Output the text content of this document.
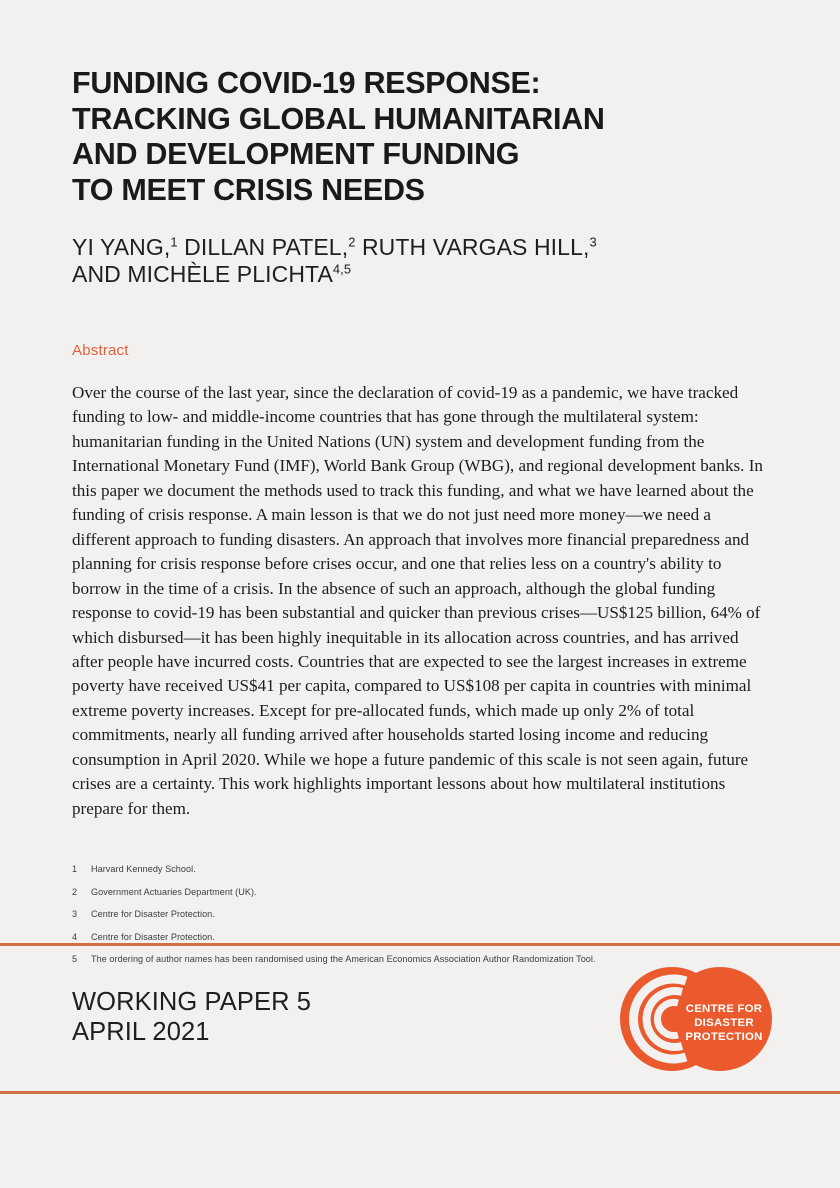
FUNDING COVID-19 RESPONSE:
TRACKING GLOBAL HUMANITARIAN
AND DEVELOPMENT FUNDING
TO MEET CRISIS NEEDS

YI YANG,$^1$ DILLAN PATEL,$^2$ RUTH VARGAS HILL,$^3$
AND MICHÈLE PLICHTA$^{4,5}$

Abstract

Over the course of the last year, since the declaration of covid-19 as a pandemic, we have tracked funding to low- and middle-income countries that has gone through the multilateral system: humanitarian funding in the United Nations (UN) system and development funding from the International Monetary Fund (IMF), World Bank Group (WBG), and regional development banks. In this paper we document the methods used to track this funding, and what we have learned about the funding of crisis response. A main lesson is that we do not just need more money—we need a different approach to funding disasters. An approach that involves more financial preparedness and planning for crisis response before crises occur, and one that relies less on a country's ability to borrow in the time of a crisis. In the absence of such an approach, although the global funding response to covid-19 has been substantial and quicker than previous crises—US$125 billion, 64% of which disbursed—it has been highly inequitable in its allocation across countries, and has arrived after people have incurred costs. Countries that are expected to see the largest increases in extreme poverty have received US$41 per capita, compared to US$108 per capita in countries with minimal extreme poverty increases. Except for pre-allocated funds, which made up only 2% of total commitments, nearly all funding arrived after households started losing income and reducing consumption in April 2020. While we hope a future pandemic of this scale is not seen again, future crises are a certainty. This work highlights important lessons about how multilateral institutions prepare for them.

1	Harvard Kennedy School.
2	Government Actuaries Department (UK).
3	Centre for Disaster Protection.
4	Centre for Disaster Protection.
5	The ordering of author names has been randomised using the American Economics Association Author Randomization Tool.
WORKING PAPER 5
APRIL 2021
CENTRE FOR
DISASTER
PROTECTION
